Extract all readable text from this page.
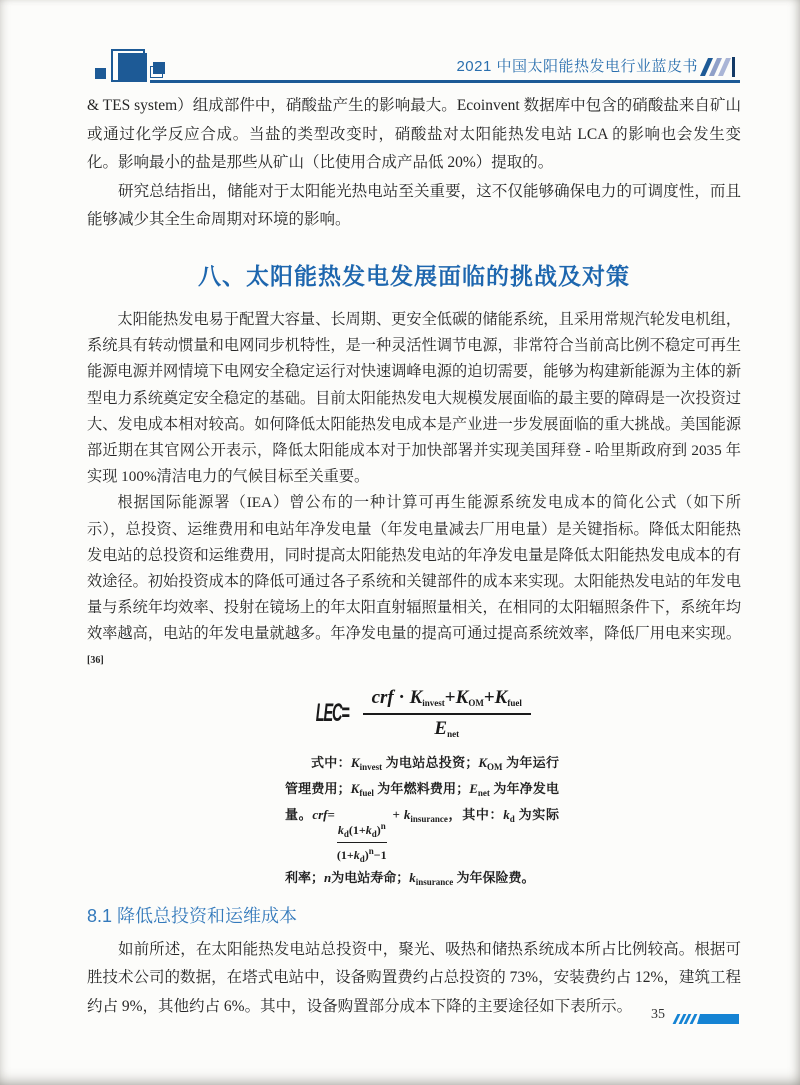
2021 中国太阳能热发电行业蓝皮书

& TES system）组成部件中，硝酸盐产生的影响最大。Ecoinvent 数据库中包含的硝酸盐来自矿山或通过化学反应合成。当盐的类型改变时，硝酸盐对太阳能热发电站 LCA 的影响也会发生变化。影响最小的盐是那些从矿山（比使用合成产品低 20%）提取的。

研究总结指出，储能对于太阳能光热电站至关重要，这不仅能够确保电力的可调度性，而且能够减少其全生命周期对环境的影响。

八、太阳能热发电发展面临的挑战及对策

太阳能热发电易于配置大容量、长周期、更安全低碳的储能系统，且采用常规汽轮发电机组，系统具有转动惯量和电网同步机特性，是一种灵活性调节电源，非常符合当前高比例不稳定可再生能源电源并网情境下电网安全稳定运行对快速调峰电源的迫切需要，能够为构建新能源为主体的新型电力系统奠定安全稳定的基础。目前太阳能热发电大规模发展面临的最主要的障碍是一次投资过大、发电成本相对较高。如何降低太阳能热发电成本是产业进一步发展面临的重大挑战。美国能源部近期在其官网公开表示，降低太阳能成本对于加快部署并实现美国拜登 - 哈里斯政府到 2035 年实现 100%清洁电力的气候目标至关重要。

根据国际能源署（IEA）曾公布的一种计算可再生能源系统发电成本的简化公式（如下所示），总投资、运维费用和电站年净发电量（年发电量减去厂用电量）是关键指标。降低太阳能热发电站的总投资和运维费用，同时提高太阳能热发电站的年净发电量是降低太阳能热发电成本的有效途径。初始投资成本的降低可通过各子系统和关键部件的成本来实现。太阳能热发电站的年发电量与系统年均效率、投射在镜场上的年太阳直射辐照量相关，在相同的太阳辐照条件下，系统年均效率越高，电站的年发电量就越多。年净发电量的提高可通过提高系统效率，降低厂用电来实现。[36]

$LEC= \frac{crf \cdot K_{invest}+K_{OM}+K_{fuel}}{E_{net}}$

式中：$K_{invest}$ 为电站总投资；$K_{OM}$ 为年运行管理费用；$K_{fuel}$ 为年燃料费用；$E_{net}$ 为年净发电量。crf=
$\frac{k_d(1+k_d)^n}{(1+k_d)^n-1}$
+ $k_{insurance}$，其中：$k_d$ 为实际利率；n为电站寿命；$k_{insurance}$ 为年保险费。

8.1 降低总投资和运维成本

如前所述，在太阳能热发电站总投资中，聚光、吸热和储热系统成本所占比例较高。根据可胜技术公司的数据，在塔式电站中，设备购置费约占总投资的 73%，安装费约占 12%，建筑工程约占 9%，其他约占 6%。其中，设备购置部分成本下降的主要途径如下表所示。	35
